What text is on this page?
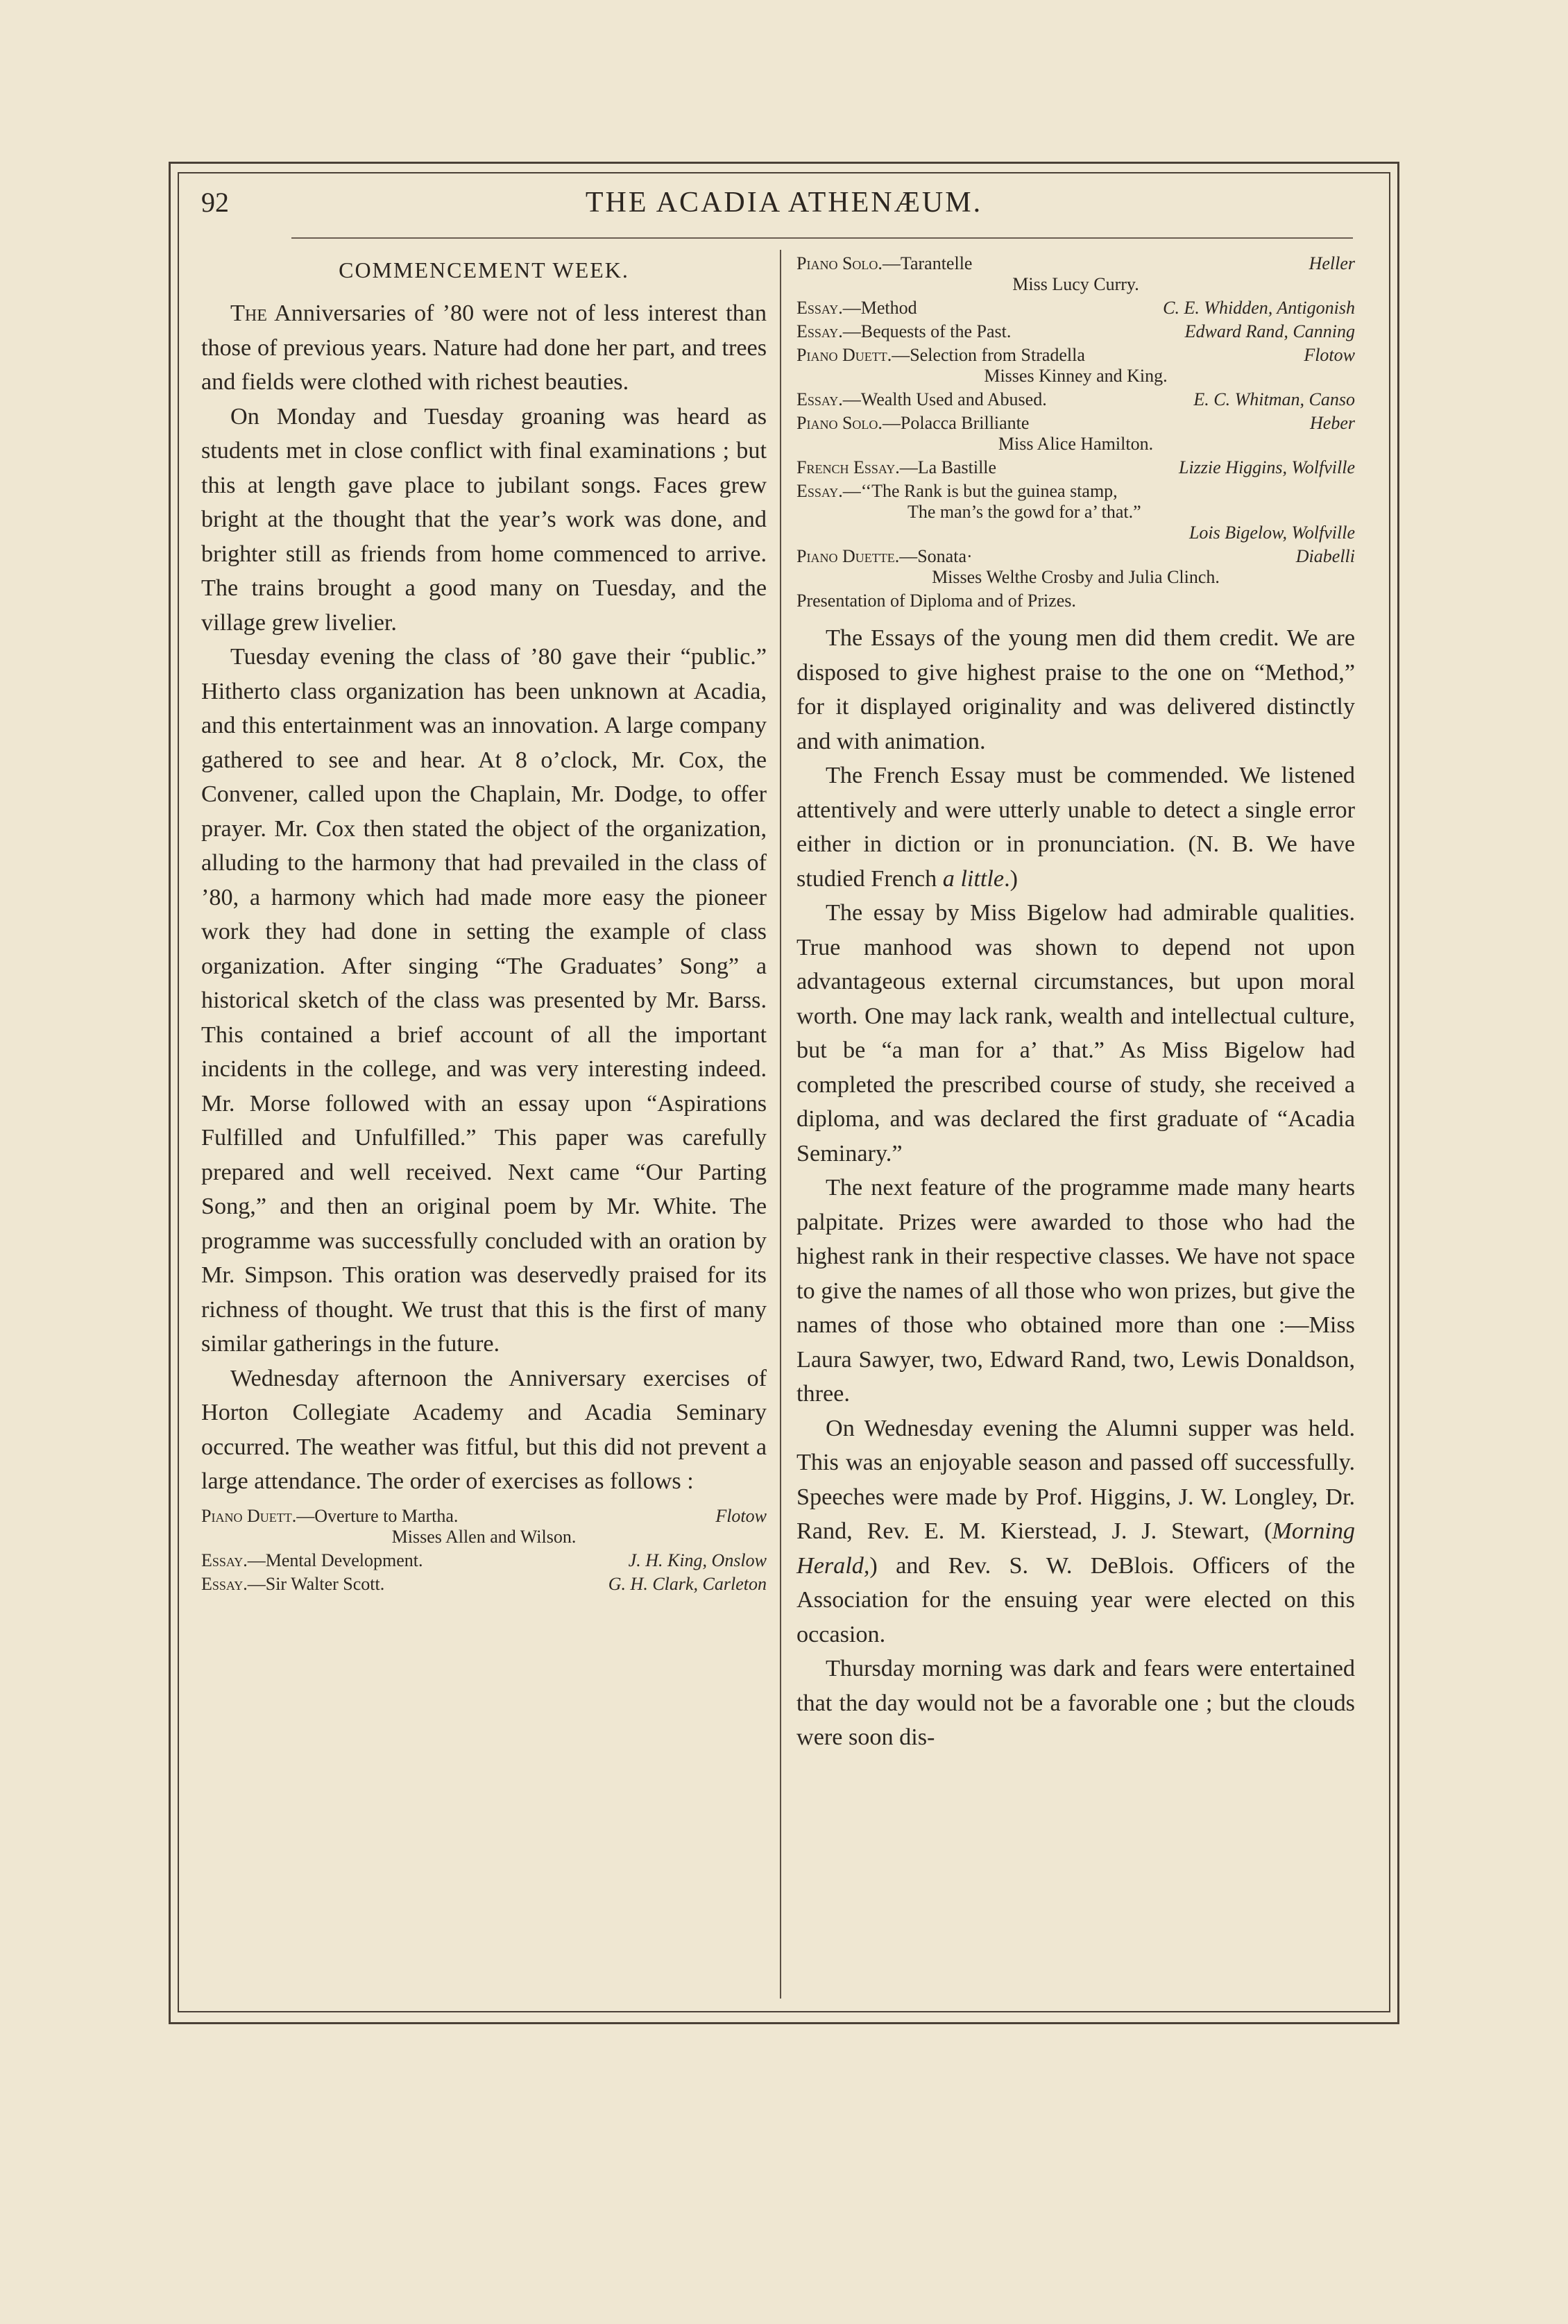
92	THE ACADIA ATHENÆUM.
COMMENCEMENT WEEK.

The Anniversaries of ’80 were not of less interest than those of previous years. Nature had done her part, and trees and fields were clothed with richest beauties.

On Monday and Tuesday groaning was heard as students met in close conflict with final examinations ; but this at length gave place to jubilant songs. Faces grew bright at the thought that the year’s work was done, and brighter still as friends from home commenced to arrive. The trains brought a good many on Tuesday, and the village grew livelier.

Tuesday evening the class of ’80 gave their “public.” Hitherto class organization has been unknown at Acadia, and this entertainment was an innovation. A large company gathered to see and hear. At 8 o’clock, Mr. Cox, the Convener, called upon the Chaplain, Mr. Dodge, to offer prayer. Mr. Cox then stated the object of the organization, alluding to the harmony that had prevailed in the class of ’80, a harmony which had made more easy the pioneer work they had done in setting the example of class organization. After singing “The Graduates’ Song” a historical sketch of the class was presented by Mr. Barss. This contained a brief account of all the important incidents in the college, and was very interesting indeed. Mr. Morse followed with an essay upon “Aspirations Fulfilled and Unfulfilled.” This paper was carefully prepared and well received. Next came “Our Parting Song,” and then an original poem by Mr. White. The programme was successfully concluded with an oration by Mr. Simpson. This oration was deservedly praised for its richness of thought. We trust that this is the first of many similar gatherings in the future.

Wednesday afternoon the Anniversary exercises of Horton Collegiate Academy and Acadia Seminary occurred. The weather was fitful, but this did not prevent a large attendance. The order of exercises as follows :

Piano Duett.—Overture to Martha.	Flotow
Misses Allen and Wilson.
Essay.—Mental Development.	J. H. King, Onslow
Essay.—Sir Walter Scott.	G. H. Clark, Carleton
Piano Solo.—Tarantelle	Heller
Miss Lucy Curry.
Essay.—Method	C. E. Whidden, Antigonish
Essay.—Bequests of the Past.	Edward Rand, Canning
Piano Duett.—Selection from Stradella	Flotow
Misses Kinney and King.
Essay.—Wealth Used and Abused.	E. C. Whitman, Canso
Piano Solo.—Polacca Brilliante	Heber
Miss Alice Hamilton.
French Essay.—La Bastille	Lizzie Higgins, Wolfville
Essay.—‘‘The Rank is but the guinea stamp,
The man’s the gowd for a’ that.”
Lois Bigelow, Wolfville
Piano Duette.—Sonata·	Diabelli
Misses Welthe Crosby and Julia Clinch.
Presentation of Diploma and of Prizes.

The Essays of the young men did them credit. We are disposed to give highest praise to the one on “Method,” for it displayed originality and was delivered distinctly and with animation.

The French Essay must be commended. We listened attentively and were utterly unable to detect a single error either in diction or in pronunciation. (N. B. We have studied French a little.)

The essay by Miss Bigelow had admirable qualities. True manhood was shown to depend not upon advantageous external circumstances, but upon moral worth. One may lack rank, wealth and intellectual culture, but be “a man for a’ that.” As Miss Bigelow had completed the prescribed course of study, she received a diploma, and was declared the first graduate of “Acadia Seminary.”

The next feature of the programme made many hearts palpitate. Prizes were awarded to those who had the highest rank in their respective classes. We have not space to give the names of all those who won prizes, but give the names of those who obtained more than one :—Miss Laura Sawyer, two, Edward Rand, two, Lewis Donaldson, three.

On Wednesday evening the Alumni supper was held. This was an enjoyable season and passed off successfully. Speeches were made by Prof. Higgins, J. W. Longley, Dr. Rand, Rev. E. M. Kierstead, J. J. Stewart, (Morning Herald,) and Rev. S. W. DeBlois. Officers of the Association for the ensuing year were elected on this occasion.

Thursday morning was dark and fears were entertained that the day would not be a favorable one ; but the clouds were soon dis-
